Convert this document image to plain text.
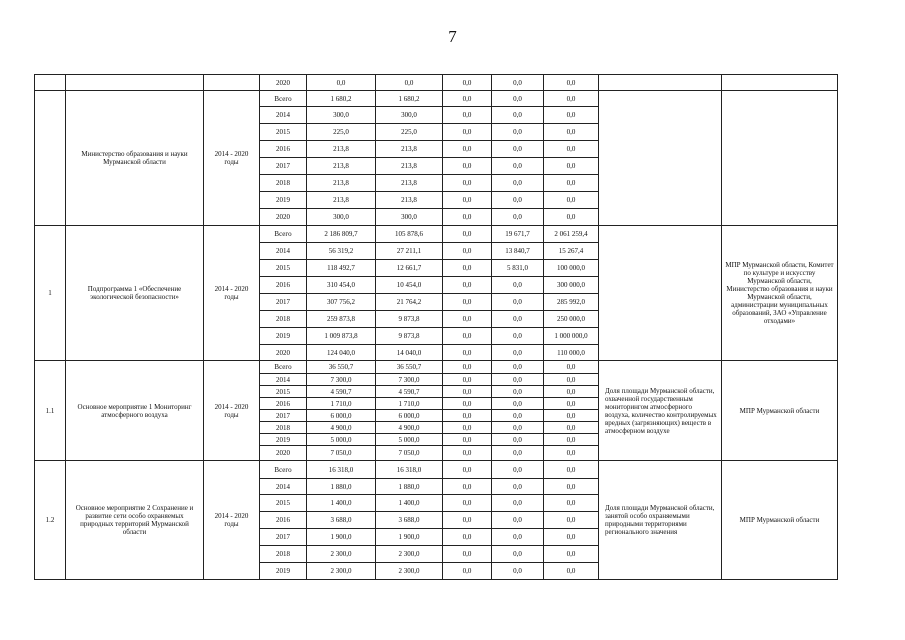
7
			2020	0,0	0,0	0,0	0,0	0,0		
	Министерство образования и науки Мурманской области	2014 - 2020 годы	Всего	1 680,2	1 680,2	0,0	0,0	0,0		
			2014	300,0	300,0	0,0	0,0	0,0		
			2015	225,0	225,0	0,0	0,0	0,0		
			2016	213,8	213,8	0,0	0,0	0,0		
			2017	213,8	213,8	0,0	0,0	0,0		
			2018	213,8	213,8	0,0	0,0	0,0		
			2019	213,8	213,8	0,0	0,0	0,0		
			2020	300,0	300,0	0,0	0,0	0,0		
1	Подпрограмма 1 «Обеспечение экологической безопасности»	2014 - 2020 годы	Всего	2 186 809,7	105 878,6	0,0	19 671,7	2 061 259,4		МПР Мурманской области, Комитет по культуре и искусству Мурманской области, Министерство образования и науки Мурманской области, администрации муниципальных образований, ЗАО «Управление отходами»
			2014	56 319,2	27 211,1	0,0	13 840,7	15 267,4		
			2015	118 492,7	12 661,7	0,0	5 831,0	100 000,0		
			2016	310 454,0	10 454,0	0,0	0,0	300 000,0		
			2017	307 756,2	21 764,2	0,0	0,0	285 992,0		
			2018	259 873,8	9 873,8	0,0	0,0	250 000,0		
			2019	1 009 873,8	9 873,8	0,0	0,0	1 000 000,0		
			2020	124 040,0	14 040,0	0,0	0,0	110 000,0		
1.1	Основное мероприятие 1 Мониторинг атмосферного воздуха	2014 - 2020 годы	Всего	36 550,7	36 550,7	0,0	0,0	0,0	Доля площади Мурманской области, охваченной государственным мониторингом атмосферного воздуха, количество контролируемых вредных (загрязняющих) веществ в атмосферном воздухе	МПР Мурманской области
			2014	7 300,0	7 300,0	0,0	0,0	0,0		
			2015	4 590,7	4 590,7	0,0	0,0	0,0		
			2016	1 710,0	1 710,0	0,0	0,0	0,0		
			2017	6 000,0	6 000,0	0,0	0,0	0,0		
			2018	4 900,0	4 900,0	0,0	0,0	0,0		
			2019	5 000,0	5 000,0	0,0	0,0	0,0		
			2020	7 050,0	7 050,0	0,0	0,0	0,0		
1.2	Основное мероприятие 2 Сохранение и развитие сети особо охраняемых природных территорий Мурманской области	2014 - 2020 годы	Всего	16 318,0	16 318,0	0,0	0,0	0,0	Доля площади Мурманской области, занятой особо охраняемыми природными территориями регионального значения	МПР Мурманской области
			2014	1 880,0	1 880,0	0,0	0,0	0,0		
			2015	1 400,0	1 400,0	0,0	0,0	0,0		
			2016	3 688,0	3 688,0	0,0	0,0	0,0		
			2017	1 900,0	1 900,0	0,0	0,0	0,0		
			2018	2 300,0	2 300,0	0,0	0,0	0,0		
			2019	2 300,0	2 300,0	0,0	0,0	0,0		
